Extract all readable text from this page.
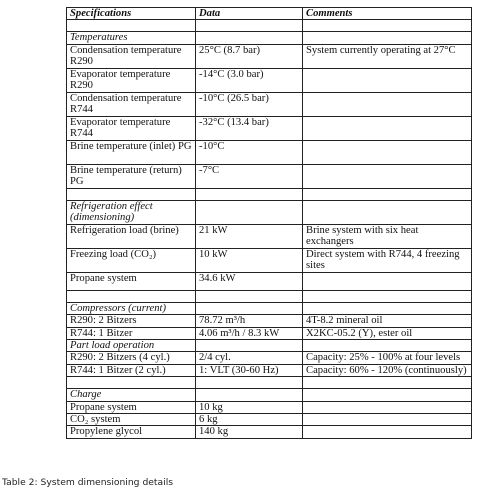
Specifications	Data	Comments

Temperatures		
Condensation temperature R290	25°C (8.7 bar)	System currently operating at 27°C
Evaporator temperature R290	-14°C (3.0 bar)	
Condensation temperature R744	-10°C (26.5 bar)	
Evaporator temperature R744	-32°C (13.4 bar)	
Brine temperature (inlet) PG	-10°C	
Brine temperature (return) PG	-7°C	

Refrigeration effect (dimensioning)		
Refrigeration load (brine)	21 kW	Brine system with six heat exchangers
Freezing load (CO₂)	10 kW	Direct system with R744, 4 freezing sites
Propane system	34.6 kW	

Compressors (current)		
R290: 2 Bitzers	78.72 m³/h	4T-8.2 mineral oil
R744: 1 Bitzer	4.06 m³/h / 8.3 kW	X2KC-05.2 (Y), ester oil
Part load operation		
R290: 2 Bitzers (4 cyl.)	2/4 cyl.	Capacity: 25% - 100% at four levels
R744: 1 Bitzer (2 cyl.)	1: VLT (30-60 Hz)	Capacity: 60% - 120% (continuously)

Charge		
Propane system	10 kg	
CO₂ system	6 kg	
Propylene glycol	140 kg	
Table 2: System dimensioning details
